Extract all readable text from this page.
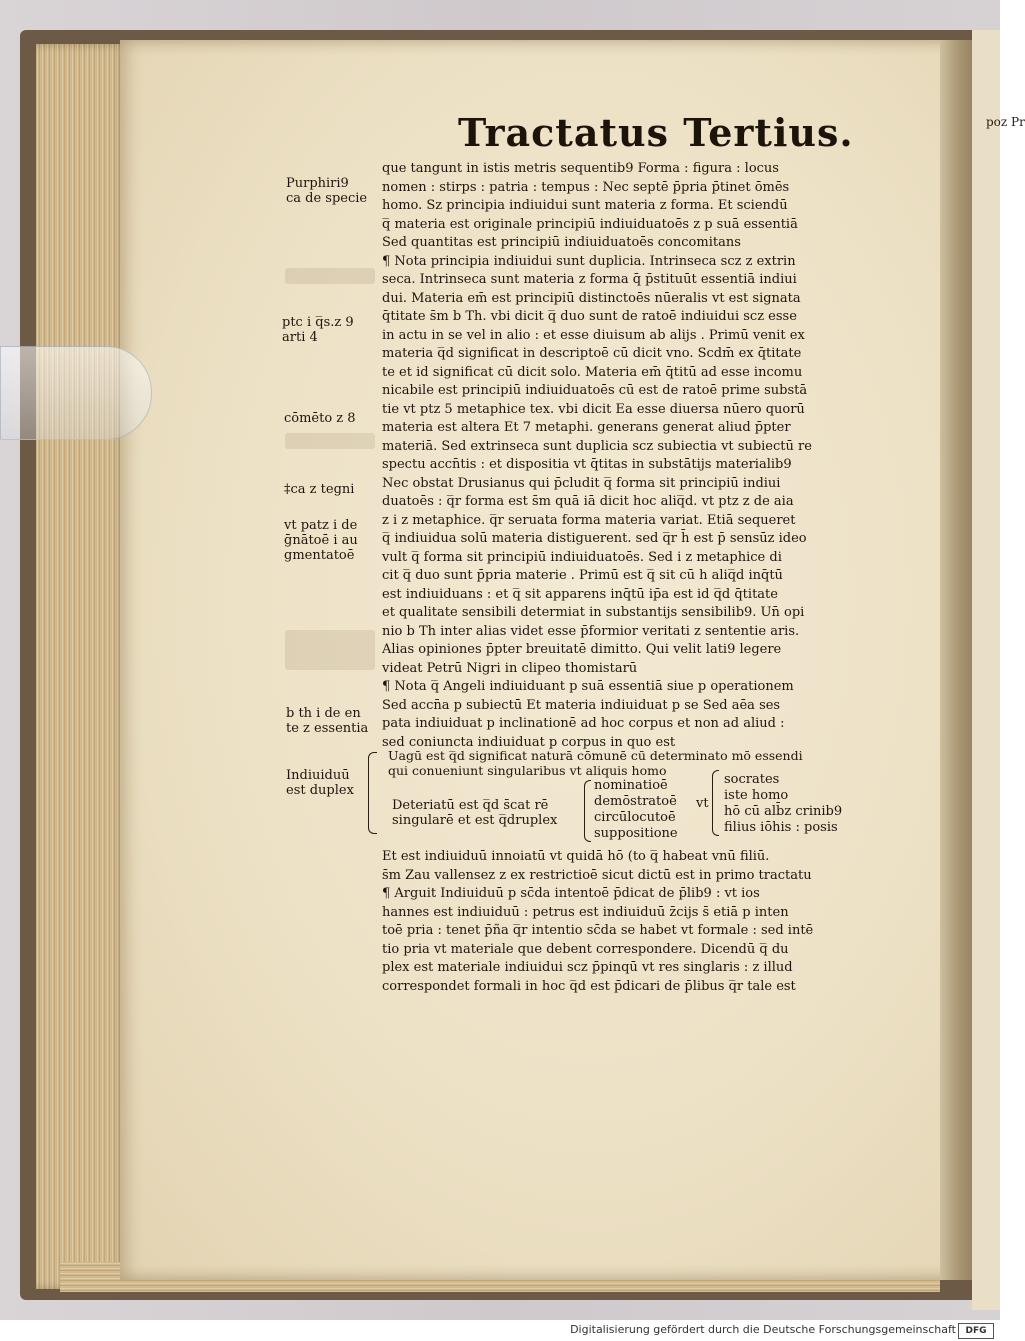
poz Pr
Tractatus Tertius.
Purphiri9
ca de specie
ptc i q̅s.z 9
arti 4
cōmēto z 8
‡ca z tegni
vt patz i de
ḡnātoē i au
gmentatoē
b th i de en
te z essentia
que tangunt in istis metris sequentib9 Forma : figura : locus
nomen : stirps : patria : tempus : Nec septē p̄pria p̄tinet ōmēs
homo. Sz principia indiuidui sunt materia z forma. Et sciendū
q̅ materia est originale principiū indiuiduatoēs z p suā essentiā
Sed quantitas est principiū indiuiduatoēs concomitans
¶ Nota principia indiuidui sunt duplicia. Intrinseca scz z extrin
seca. Intrinseca sunt materia z forma q̄ p̄stituūt essentiā indiui
dui. Materia em̄ est principiū distinctoēs nūeralis vt est signata
q̄titate s̄m b Th. vbi dicit q̅ duo sunt de ratoē indiuidui scz esse
in actu in se vel in alio : et esse diuisum ab alijs . Primū venit ex
materia q̅d significat in descriptoē cū dicit vno. Scdm̄ ex q̄titate
te et id significat cū dicit solo. Materia em̄ q̄titū ad esse incomu
nicabile est principiū indiuiduatoēs cū est de ratoē prime substā
tie vt ptz 5 metaphice tex. vbi dicit Ea esse diuersa nūero quorū
materia est altera Et 7 metaphi. generans generat aliud p̄pter
materiā. Sed extrinseca sunt duplicia scz subiectia vt subiectū re
spectu accn̄tis : et dispositia vt q̄titas in substātijs materialib9
Nec obstat Drusianus qui p̄cludit q̅ forma sit principiū indiui
duatoēs : q̅r forma est s̄m quā iā dicit hoc aliq̅d. vt ptz z de aia
z i z metaphice. q̅r seruata forma materia variat. Etiā sequeret
q̅ indiuidua solū materia distiguerent. sed q̅r h̄ est p̄ sensūz ideo
vult q̅ forma sit principiū indiuiduatoēs. Sed i z metaphice di
cit q̅ duo sunt p̄pria materie . Primū est q̅ sit cū h aliq̅d inq̄tū
est indiuiduans : et q̅ sit apparens inq̄tū ip̄a est id q̅d q̄titate
et qualitate sensibili determiat in substantijs sensibilib9. Un̄ opi
nio b Th inter alias videt esse p̄formior veritati z sententie aris.
Alias opiniones p̄pter breuitatē dimitto. Qui velit lati9 legere
videat Petrū Nigri in clipeo thomistarū
¶ Nota q̅ Angeli indiuiduant p suā essentiā siue p operationem
Sed accn̄a p subiectū Et materia indiuiduat p se Sed aēa ses
pata indiuiduat p inclinationē ad hoc corpus et non ad aliud :
sed coniuncta indiuiduat p corpus in quo est
Indiuiduū
est duplex
Uagū est q̅d significat naturā cōmunē cū determinato mō essendi
qui conueniunt singularibus vt aliquis homo
Deteriatū est q̅d s̄cat rē
singularē et est q̅druplex
nominatioē
demōstratoē
circūlocutoē
suppositione
vt
socrates
iste homo
hō cū alb̄z crinib9
filius iōhis : posis
Et est indiuiduū innoiatū vt quidā hō (to q̅ habeat vnū filiū.
s̄m Zau vallensez z ex restrictioē sicut dictū est in primo tractatu
¶ Arguit Indiuiduū p sc̄da intentoē p̄dicat de p̄lib9 : vt ios
hannes est indiuiduū : petrus est indiuiduū z̄cijs s̄ etiā p inten
toē pria : tenet p̄ña q̅r intentio sc̄da se habet vt formale : sed intē
tio pria vt materiale que debent correspondere. Dicendū q̅ du
plex est materiale indiuidui scz p̄pinqū vt res singlaris : z illud
correspondet formali in hoc q̅d est p̄dicari de p̄libus q̅r tale est
Digitalisierung gefördert durch die Deutsche Forschungsgemeinschaft	DFG
